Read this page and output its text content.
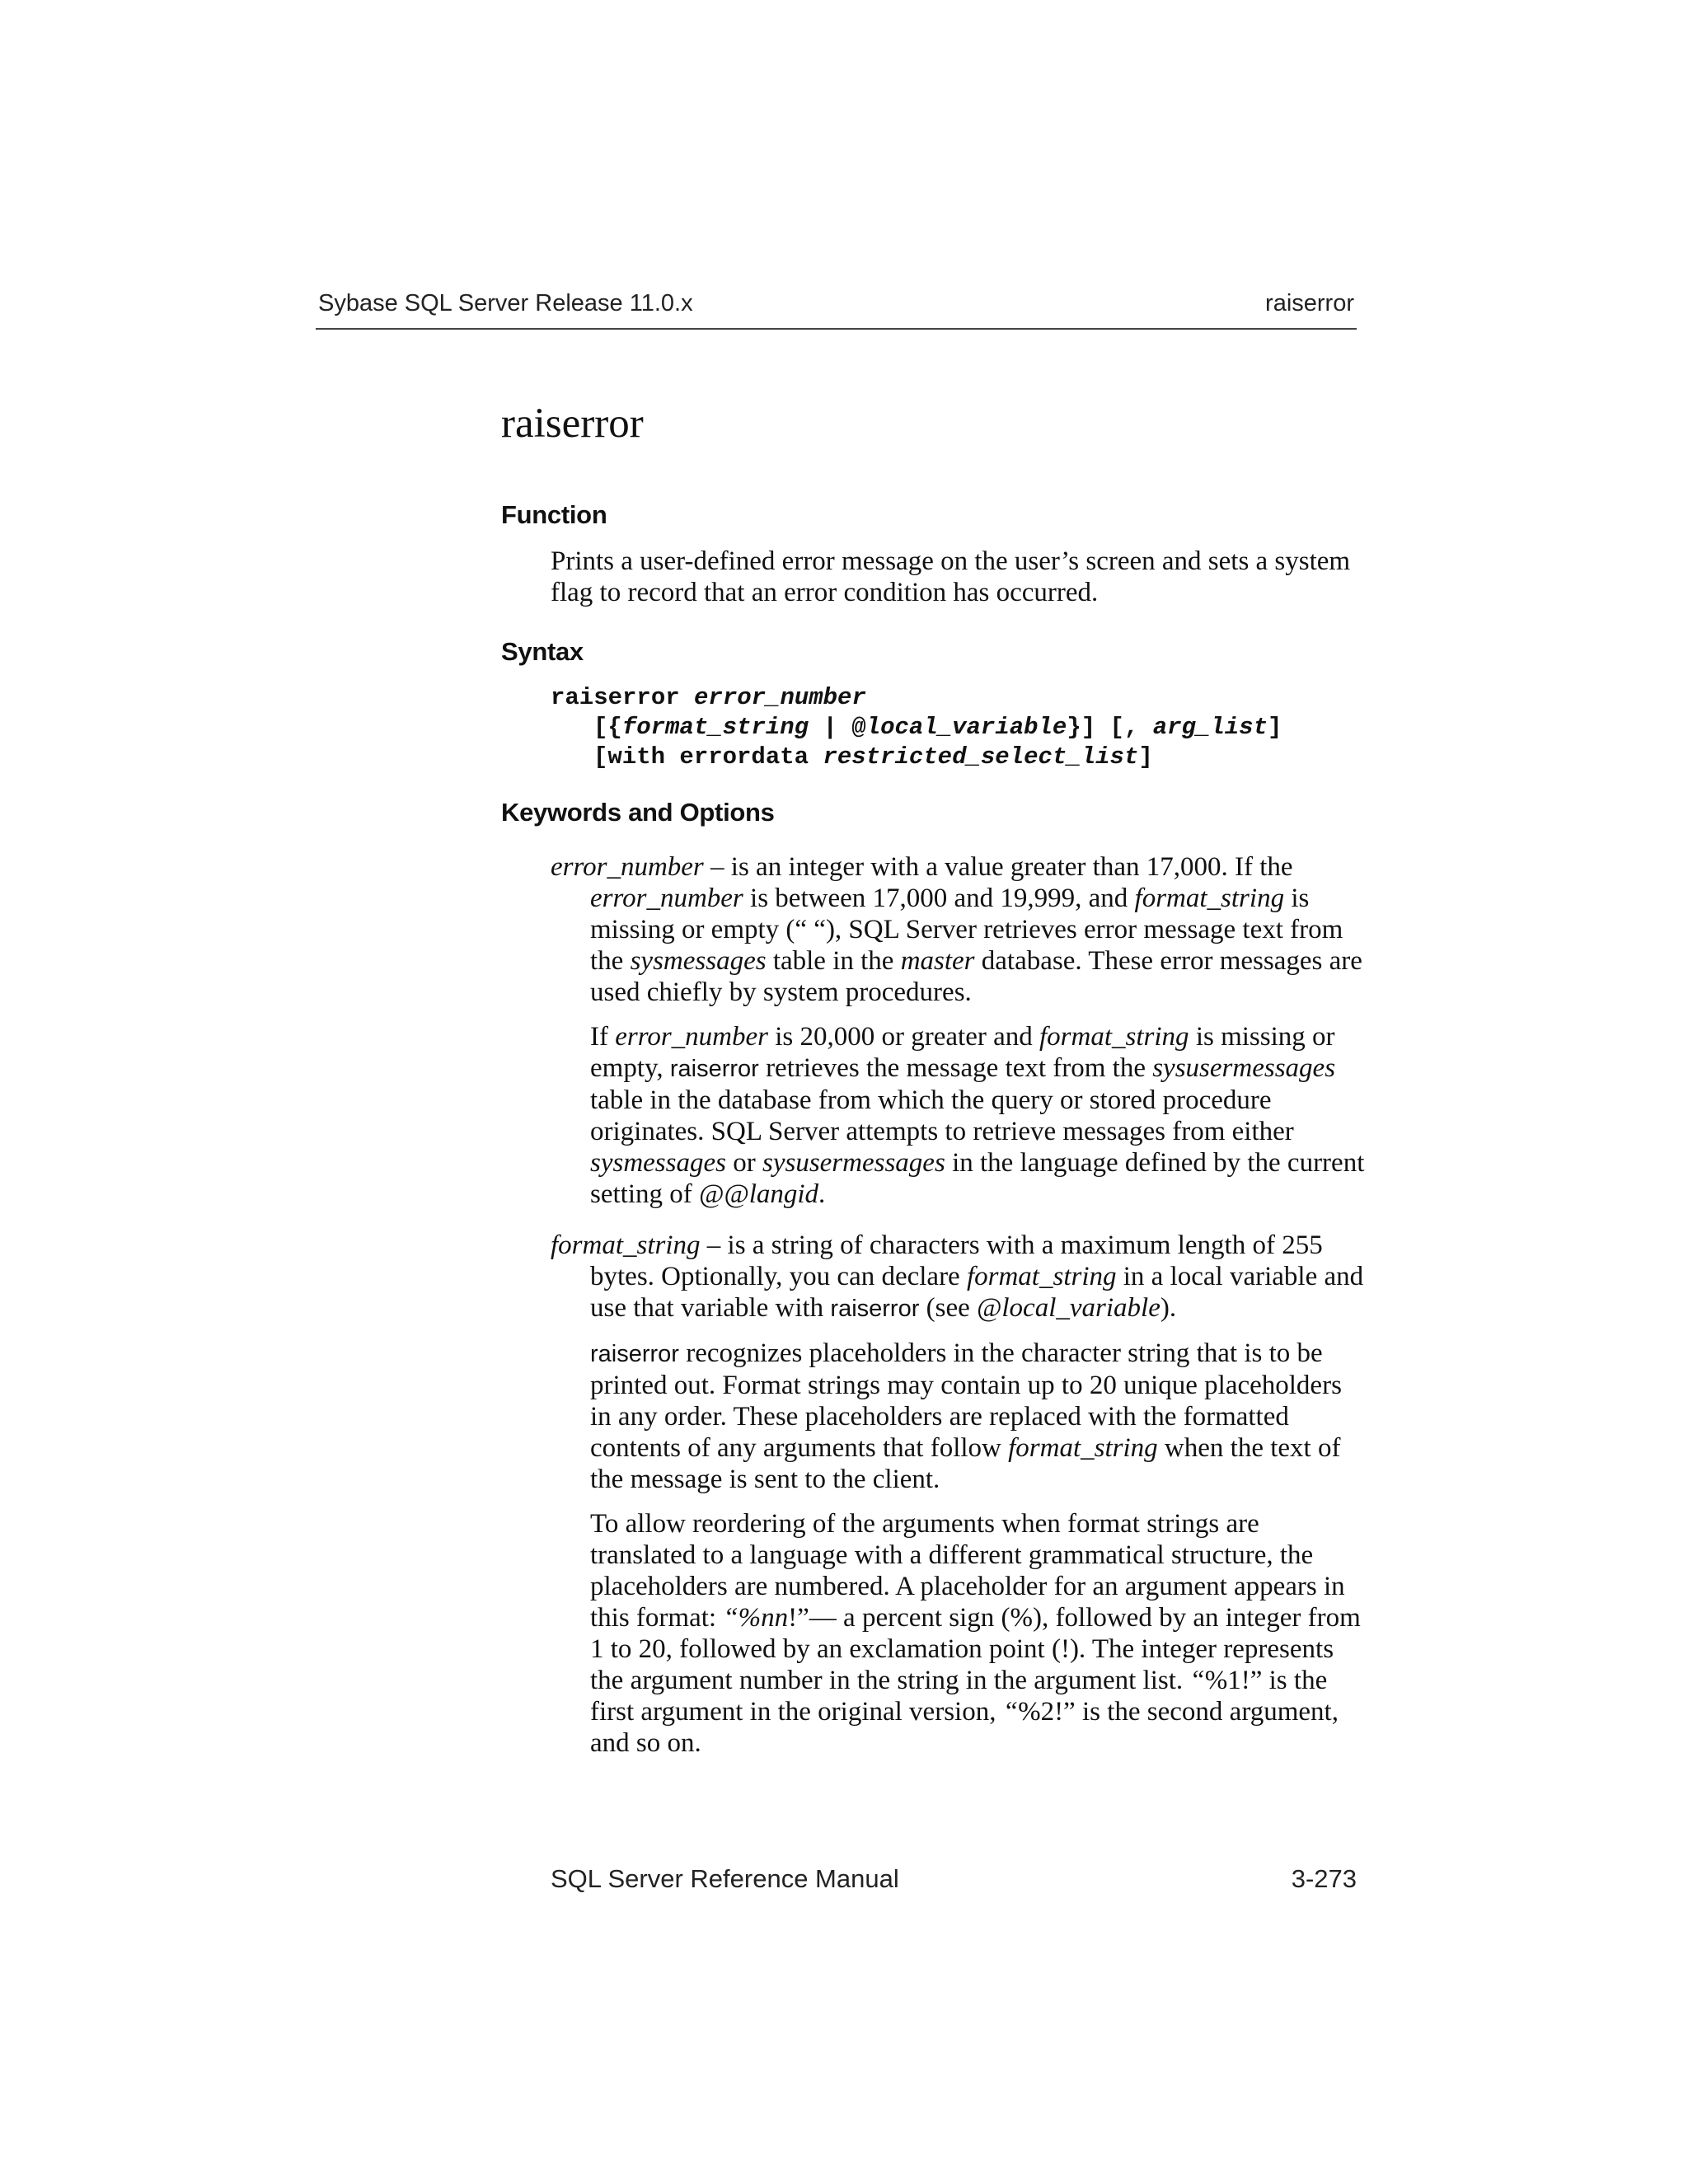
Sybase SQL Server Release 11.0.x	raiserror
raiserror
Function
Prints a user-defined error message on the user’s screen and sets a system flag to record that an error condition has occurred.
Syntax
raiserror error_number
[{format_string | @local_variable}] [, arg_list]
[with errordata restricted_select_list]
Keywords and Options

error_number – is an integer with a value greater than 17,000. If the error_number is between 17,000 and 19,999, and format_string is missing or empty (“ “), SQL Server retrieves error message text from the sysmessages table in the master database. These error messages are used chiefly by system procedures.

If error_number is 20,000 or greater and format_string is missing or empty, raiserror retrieves the message text from the sysusermessages table in the database from which the query or stored procedure originates. SQL Server attempts to retrieve messages from either sysmessages or sysusermessages in the language defined by the current setting of @@langid.

format_string – is a string of characters with a maximum length of 255 bytes. Optionally, you can declare format_string in a local variable and use that variable with raiserror (see @local_variable).

raiserror recognizes placeholders in the character string that is to be printed out. Format strings may contain up to 20 unique placeholders in any order. These placeholders are replaced with the formatted contents of any arguments that follow format_string when the text of the message is sent to the client.

To allow reordering of the arguments when format strings are translated to a language with a different grammatical structure, the placeholders are numbered. A placeholder for an argument appears in this format: “%nn!”— a percent sign (%), followed by an integer from 1 to 20, followed by an exclamation point (!). The integer represents the argument number in the string in the argument list. “%1!” is the first argument in the original version, “%2!” is the second argument, and so on.

SQL Server Reference Manual	3-273
